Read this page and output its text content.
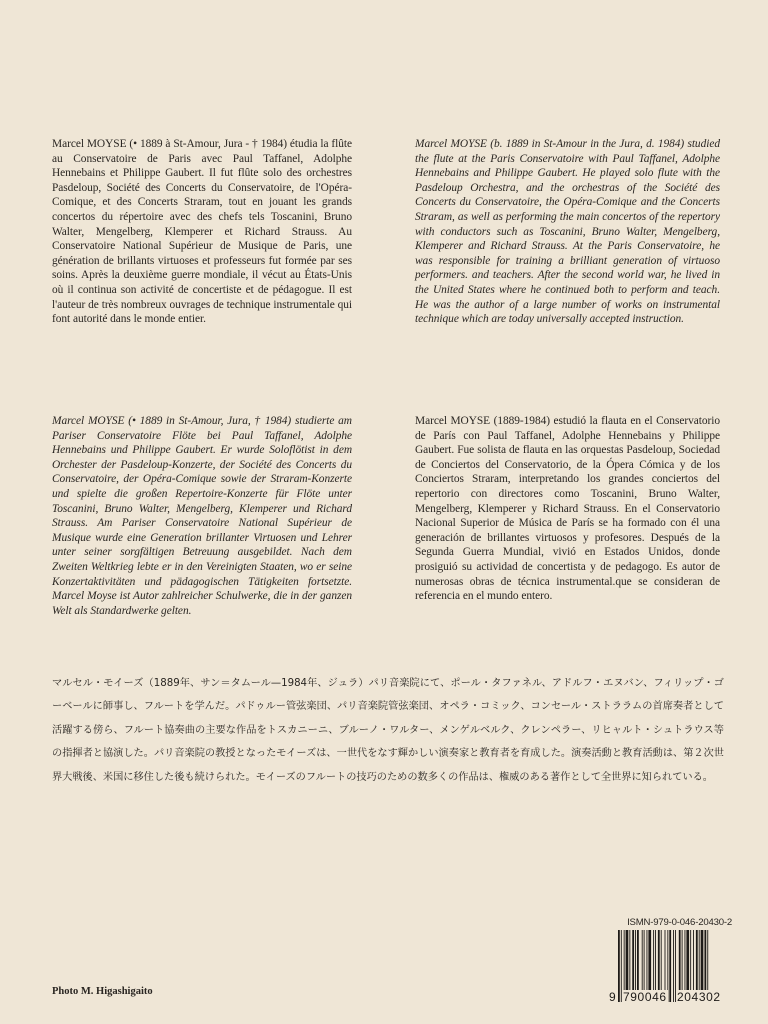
Marcel MOYSE (• 1889 à St-Amour, Jura - † 1984) étudia la flûte au Conservatoire de Paris avec Paul Taffanel, Adolphe Hennebains et Philippe Gaubert. Il fut flûte solo des orchestres Pasdeloup, Société des Concerts du Conservatoire, de l'Opéra-Comique, et des Concerts Straram, tout en jouant les grands concertos du répertoire avec des chefs tels Toscanini, Bruno Walter, Mengelberg, Klemperer et Richard Strauss. Au Conservatoire National Supérieur de Musique de Paris, une génération de brillants virtuoses et professeurs fut formée par ses soins. Après la deuxième guerre mondiale, il vécut au États-Unis où il continua son activité de concertiste et de pédagogue. Il est l'auteur de très nombreux ouvrages de technique instrumentale qui font autorité dans le monde entier.

Marcel MOYSE (b. 1889 in St-Amour in the Jura, d. 1984) studied the flute at the Paris Conservatoire with Paul Taffanel, Adolphe Hennebains and Philippe Gaubert. He played solo flute with the Pasdeloup Orchestra, and the orchestras of the Société des Concerts du Conservatoire, the Opéra-Comique and the Concerts Straram, as well as performing the main concertos of the repertory with conductors such as Toscanini, Bruno Walter, Mengelberg, Klemperer and Richard Strauss. At the Paris Conservatoire, he was responsible for training a brilliant generation of virtuoso performers. and teachers. After the second world war, he lived in the United States where he continued both to perform and teach. He was the author of a large number of works on instrumental technique which are today universally accepted instruction.

Marcel MOYSE (• 1889 in St-Amour, Jura, † 1984) studierte am Pariser Conservatoire Flöte bei Paul Taffanel, Adolphe Hennebains und Philippe Gaubert. Er wurde Soloflötist in dem Orchester der Pasdeloup-Konzerte, der Société des Concerts du Conservatoire, der Opéra-Comique sowie der Straram-Konzerte und spielte die großen Repertoire-Konzerte für Flöte unter Toscanini, Bruno Walter, Mengelberg, Klemperer und Richard Strauss. Am Pariser Conservatoire National Supérieur de Musique wurde eine Generation brillanter Virtuosen und Lehrer unter seiner sorgfältigen Betreuung ausgebildet. Nach dem Zweiten Weltkrieg lebte er in den Vereinigten Staaten, wo er seine Konzertaktivitäten und pädagogischen Tätigkeiten fortsetzte. Marcel Moyse ist Autor zahlreicher Schulwerke, die in der ganzen Welt als Standardwerke gelten.

Marcel MOYSE (1889-1984) estudió la flauta en el Conservatorio de París con Paul Taffanel, Adolphe Hennebains y Philippe Gaubert. Fue solista de flauta en las orquestas Pasdeloup, Sociedad de Conciertos del Conservatorio, de la Ópera Cómica y de los Conciertos Straram, interpretando los grandes conciertos del repertorio con directores como Toscanini, Bruno Walter, Mengelberg, Klemperer y Richard Strauss. En el Conservatorio Nacional Superior de Música de París se ha formado con él una generación de brillantes virtuosos y profesores. Después de la Segunda Guerra Mundial, vivió en Estados Unidos, donde prosiguió su actividad de concertista y de pedagogo. Es autor de numerosas obras de técnica instrumental.que se consideran de referencia en el mundo entero.

マルセル・モイーズ（1889年、サン＝タムール—1984年、ジュラ）パリ音楽院にて、ポール・タファネル、アドルフ・エヌバン、フィリップ・ゴーベールに師事し、フルートを学んだ。パドゥルー管弦楽団、パリ音楽院管弦楽団、オペラ・コミック、コンセール・ストララムの首席奏者として活躍する傍ら、フルート協奏曲の主要な作品をトスカニーニ、ブルーノ・ワルター、メンゲルベルク、クレンペラー、リヒャルト・シュトラウス等の指揮者と協演した。パリ音楽院の教授となったモイーズは、一世代をなす輝かしい演奏家と教育者を育成した。演奏活動と教育活動は、第２次世界大戦後、米国に移住した後も続けられた。モイーズのフルートの技巧のための数多くの作品は、権威のある著作として全世界に知られている。

ISMN-979-0-046-20430-2
9 790046 204302
Photo M. Higashigaito
